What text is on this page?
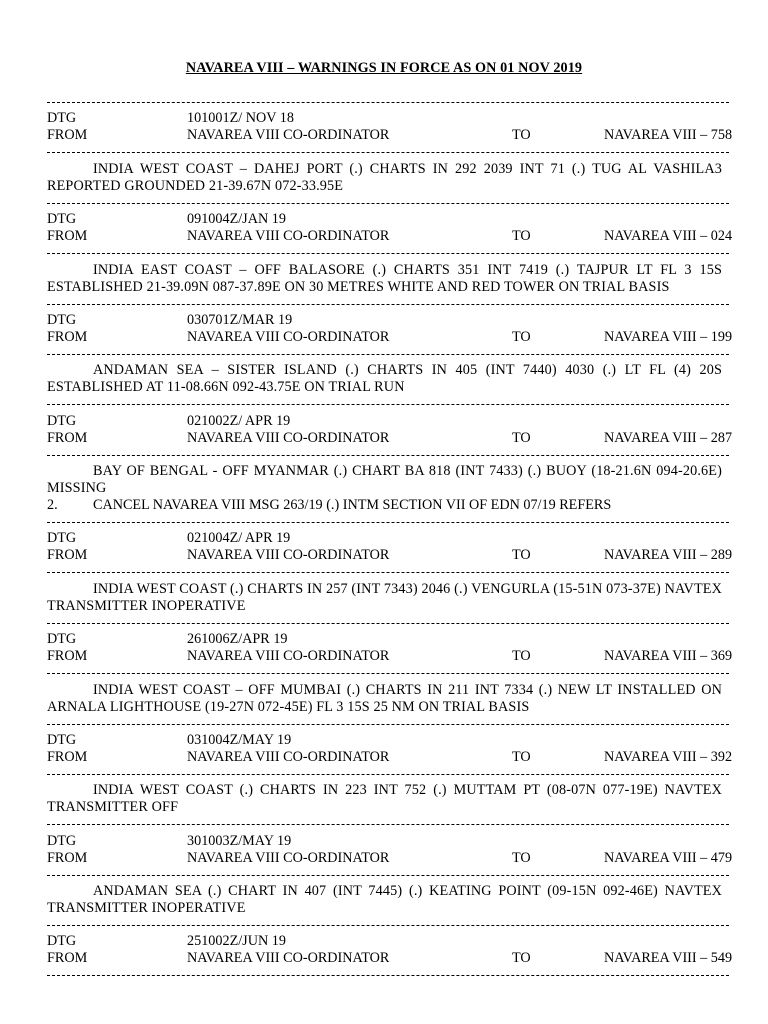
NAVAREA VIII – WARNINGS IN FORCE AS ON 01 NOV 2019
DTG	101001Z/ NOV 18
FROM	NAVAREA VIII CO-ORDINATOR	TO	NAVAREA VIII – 758
INDIA WEST COAST – DAHEJ PORT (.) CHARTS IN 292 2039 INT 71 (.) TUG AL VASHILA3 REPORTED GROUNDED 21-39.67N 072-33.95E
DTG	091004Z/JAN 19
FROM	NAVAREA VIII CO-ORDINATOR	TO	NAVAREA VIII – 024
INDIA EAST COAST – OFF BALASORE (.) CHARTS 351 INT 7419 (.) TAJPUR LT FL 3 15S ESTABLISHED 21-39.09N 087-37.89E ON 30 METRES WHITE AND RED TOWER ON TRIAL BASIS
DTG	030701Z/MAR 19
FROM	NAVAREA VIII CO-ORDINATOR	TO	NAVAREA VIII – 199
ANDAMAN SEA – SISTER ISLAND (.) CHARTS IN 405 (INT 7440) 4030 (.) LT FL (4) 20S ESTABLISHED AT 11-08.66N 092-43.75E ON TRIAL RUN
DTG	021002Z/ APR 19
FROM	NAVAREA VIII CO-ORDINATOR	TO	NAVAREA VIII – 287
BAY OF BENGAL - OFF MYANMAR (.) CHART BA 818 (INT 7433) (.) BUOY (18-21.6N 094-20.6E) MISSING
2. CANCEL NAVAREA VIII MSG 263/19 (.) INTM SECTION VII OF EDN 07/19 REFERS
DTG	021004Z/ APR 19
FROM	NAVAREA VIII CO-ORDINATOR	TO	NAVAREA VIII – 289
INDIA WEST COAST (.) CHARTS IN 257 (INT 7343) 2046 (.) VENGURLA (15-51N 073-37E) NAVTEX TRANSMITTER INOPERATIVE
DTG	261006Z/APR 19
FROM	NAVAREA VIII CO-ORDINATOR	TO	NAVAREA VIII – 369
INDIA WEST COAST – OFF MUMBAI (.) CHARTS IN 211 INT 7334 (.) NEW LT INSTALLED ON ARNALA LIGHTHOUSE (19-27N 072-45E) FL 3 15S 25 NM ON TRIAL BASIS
DTG	031004Z/MAY 19
FROM	NAVAREA VIII CO-ORDINATOR	TO	NAVAREA VIII – 392
INDIA WEST COAST (.) CHARTS IN 223 INT 752 (.) MUTTAM PT (08-07N 077-19E) NAVTEX TRANSMITTER OFF
DTG	301003Z/MAY 19
FROM	NAVAREA VIII CO-ORDINATOR	TO	NAVAREA VIII – 479
ANDAMAN SEA (.) CHART IN 407 (INT 7445) (.) KEATING POINT (09-15N 092-46E) NAVTEX TRANSMITTER INOPERATIVE
DTG	251002Z/JUN 19
FROM	NAVAREA VIII CO-ORDINATOR	TO	NAVAREA VIII – 549
